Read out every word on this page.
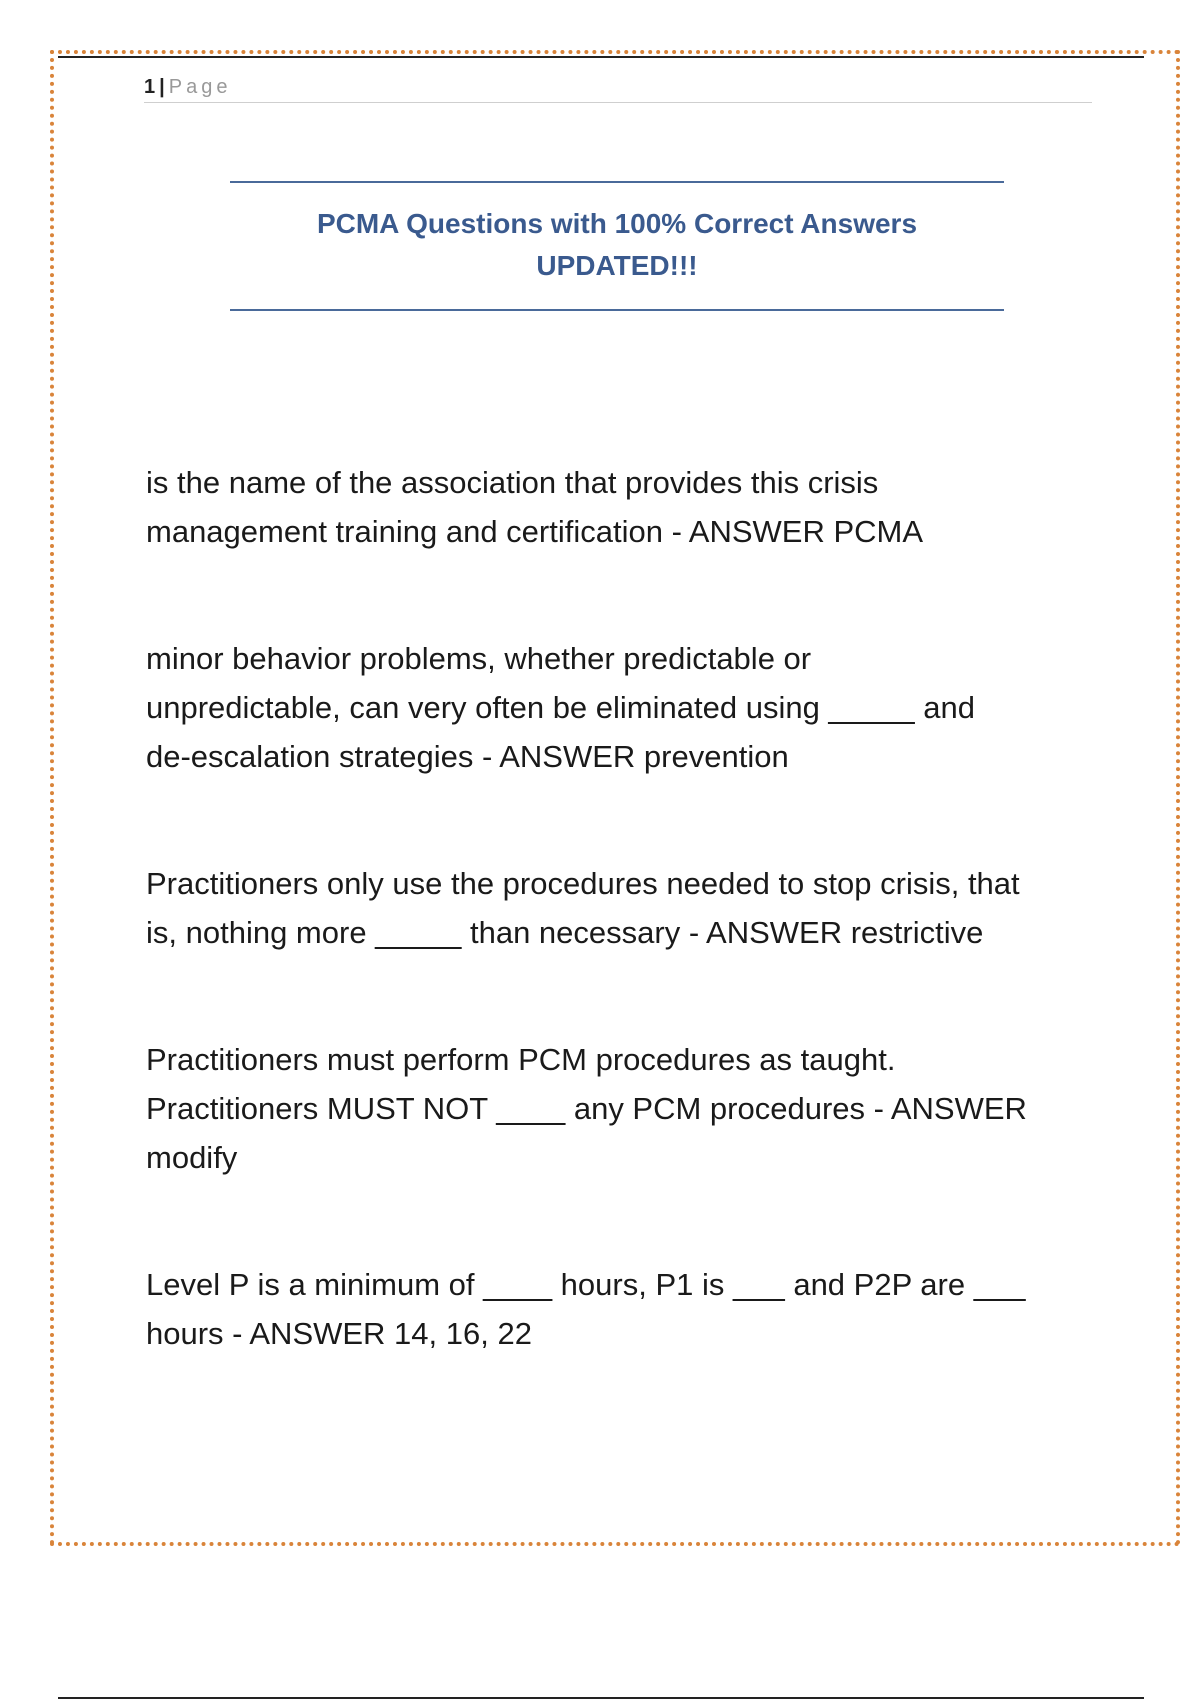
1 | Page
PCMA Questions with 100% Correct Answers
UPDATED!!!
is the name of the association that provides this crisis
management training and certification - ANSWER PCMA
minor behavior problems, whether predictable or
unpredictable, can very often be eliminated using _____ and
de-escalation strategies - ANSWER prevention
Practitioners only use the procedures needed to stop crisis, that
is, nothing more _____ than necessary - ANSWER restrictive
Practitioners must perform PCM procedures as taught.
Practitioners MUST NOT ____ any PCM procedures - ANSWER
modify
Level P is a minimum of ____ hours, P1 is ___ and P2P are ___
hours - ANSWER 14, 16, 22
